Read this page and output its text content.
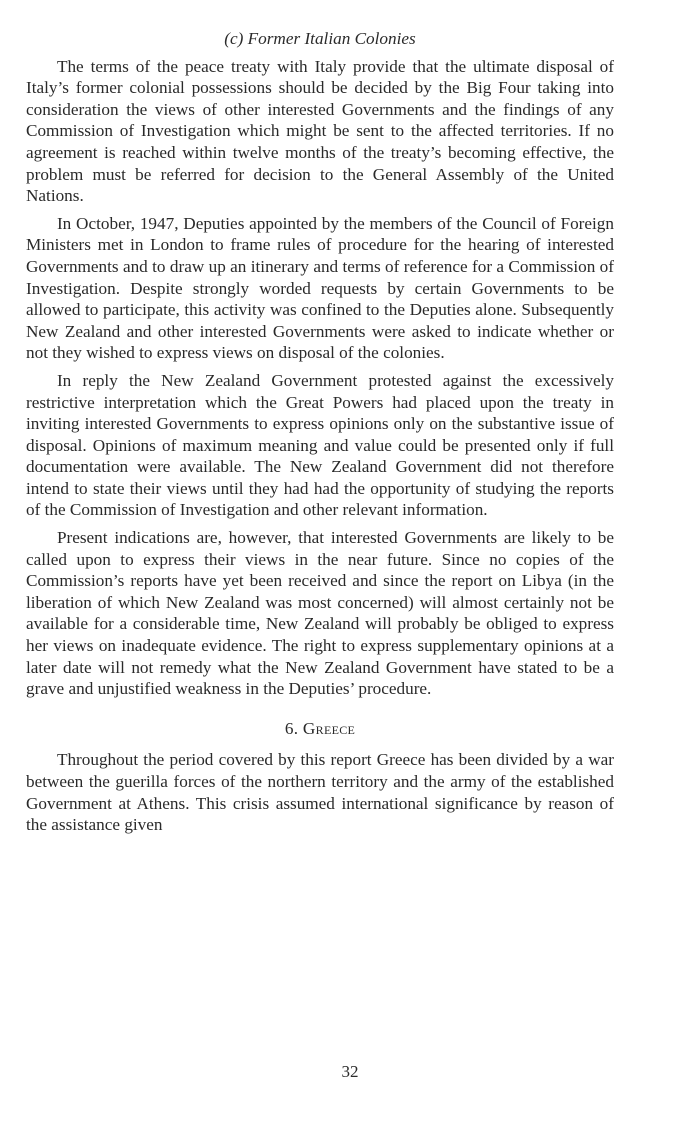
(c) Former Italian Colonies

The terms of the peace treaty with Italy provide that the ultimate disposal of Italy’s former colonial possessions should be decided by the Big Four taking into consideration the views of other interested Governments and the findings of any Commission of Investigation which might be sent to the affected territories. If no agreement is reached within twelve months of the treaty’s becoming effective, the problem must be referred for decision to the General Assembly of the United Nations.

In October, 1947, Deputies appointed by the members of the Council of Foreign Ministers met in London to frame rules of procedure for the hearing of interested Governments and to draw up an itinerary and terms of reference for a Commission of Investigation. Despite strongly worded requests by certain Governments to be allowed to participate, this activity was confined to the Deputies alone. Subsequently New Zealand and other interested Governments were asked to indicate whether or not they wished to express views on disposal of the colonies.

In reply the New Zealand Government protested against the excessively restrictive interpretation which the Great Powers had placed upon the treaty in inviting interested Governments to express opinions only on the substantive issue of disposal. Opinions of maximum meaning and value could be presented only if full documentation were available. The New Zealand Government did not therefore intend to state their views until they had had the opportunity of studying the reports of the Commission of Investigation and other relevant information.

Present indications are, however, that interested Governments are likely to be called upon to express their views in the near future. Since no copies of the Commission’s reports have yet been received and since the report on Libya (in the liberation of which New Zealand was most concerned) will almost certainly not be available for a considerable time, New Zealand will probably be obliged to express her views on inadequate evidence. The right to express supplementary opinions at a later date will not remedy what the New Zealand Government have stated to be a grave and unjustified weakness in the Deputies’ procedure.

6. Greece

Throughout the period covered by this report Greece has been divided by a war between the guerilla forces of the northern territory and the army of the established Government at Athens. This crisis assumed international significance by reason of the assistance given

32
